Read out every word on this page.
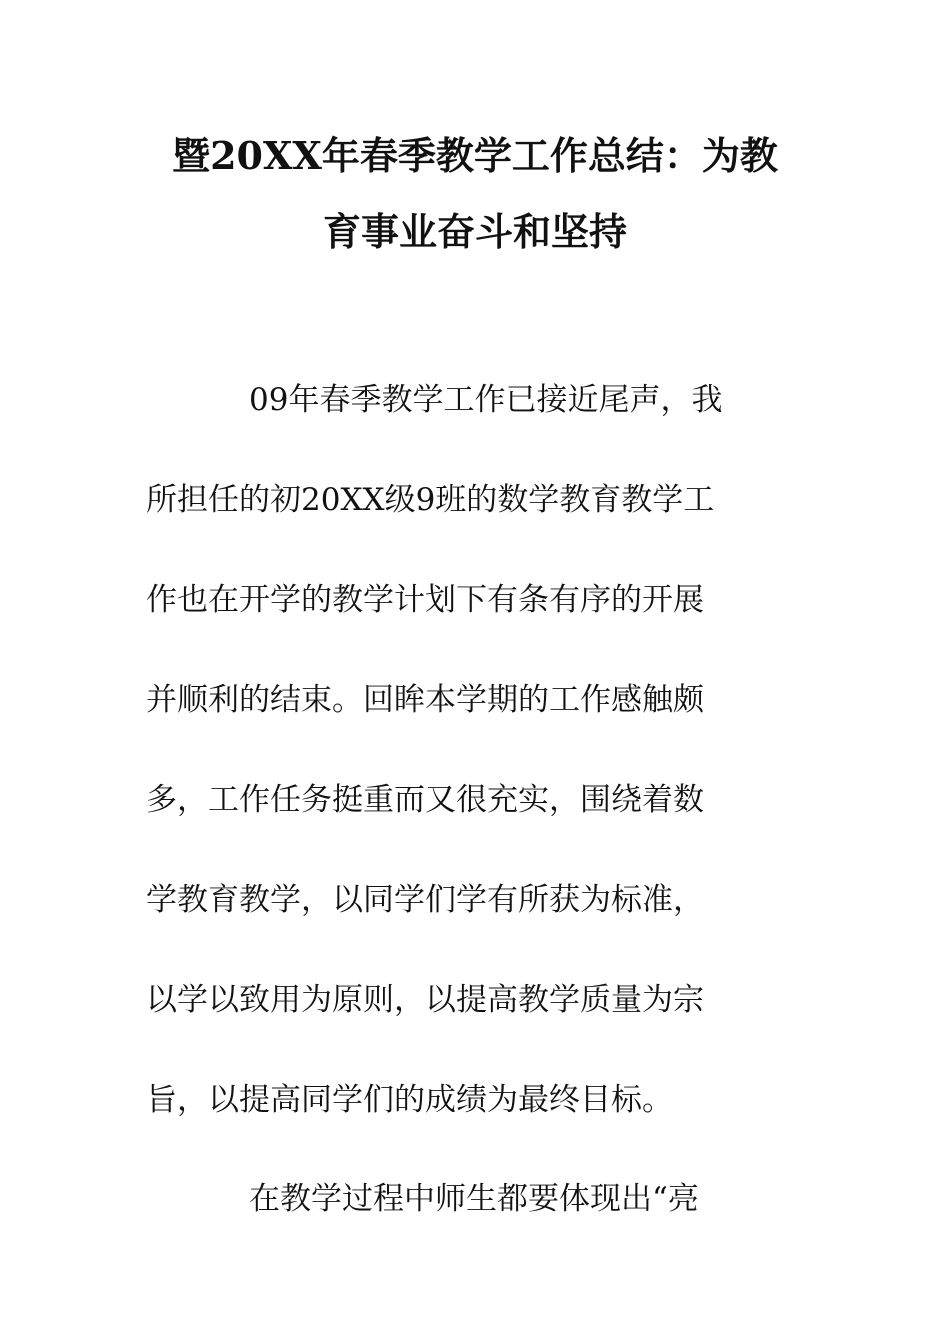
暨20XX年春季教学工作总结：为教
育事业奋斗和坚持
09年春季教学工作已接近尾声，我
所担任的初20XX级9班的数学教育教学工
作也在开学的教学计划下有条有序的开展
并顺利的结束。回眸本学期的工作感触颇
多，工作任务挺重而又很充实，围绕着数
学教育教学，以同学们学有所获为标准，
以学以致用为原则，以提高教学质量为宗
旨，以提高同学们的成绩为最终目标。
在教学过程中师生都要体现出“亮
